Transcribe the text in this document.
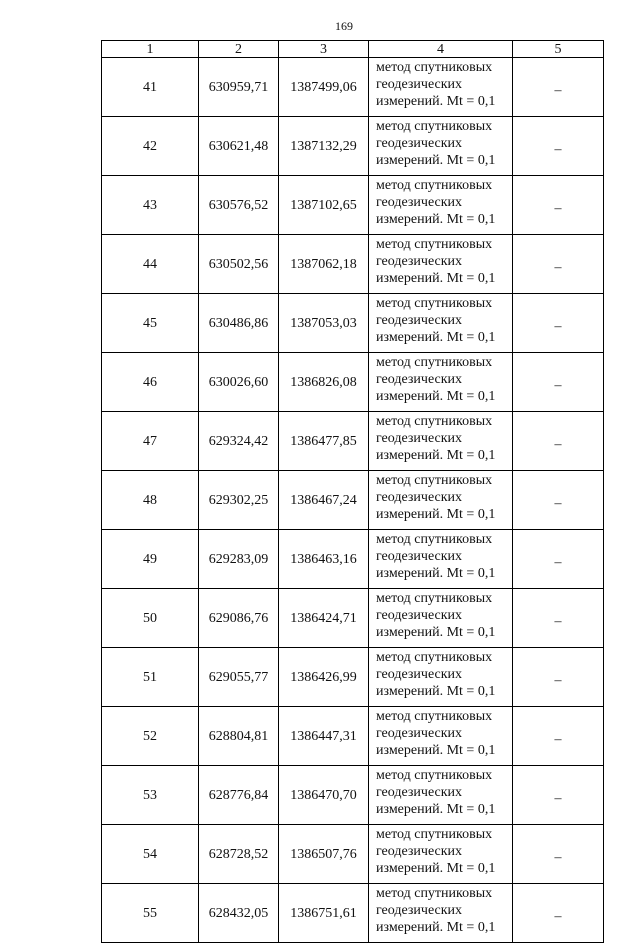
169
1	2	3	4	5
41	630959,71	1387499,06	метод спутниковых
геодезических
измерений. Mt = 0,1	–
42	630621,48	1387132,29	метод спутниковых
геодезических
измерений. Mt = 0,1	–
43	630576,52	1387102,65	метод спутниковых
геодезических
измерений. Mt = 0,1	–
44	630502,56	1387062,18	метод спутниковых
геодезических
измерений. Mt = 0,1	–
45	630486,86	1387053,03	метод спутниковых
геодезических
измерений. Mt = 0,1	–
46	630026,60	1386826,08	метод спутниковых
геодезических
измерений. Mt = 0,1	–
47	629324,42	1386477,85	метод спутниковых
геодезических
измерений. Mt = 0,1	–
48	629302,25	1386467,24	метод спутниковых
геодезических
измерений. Mt = 0,1	–
49	629283,09	1386463,16	метод спутниковых
геодезических
измерений. Mt = 0,1	–
50	629086,76	1386424,71	метод спутниковых
геодезических
измерений. Mt = 0,1	–
51	629055,77	1386426,99	метод спутниковых
геодезических
измерений. Mt = 0,1	–
52	628804,81	1386447,31	метод спутниковых
геодезических
измерений. Mt = 0,1	–
53	628776,84	1386470,70	метод спутниковых
геодезических
измерений. Mt = 0,1	–
54	628728,52	1386507,76	метод спутниковых
геодезических
измерений. Mt = 0,1	–
55	628432,05	1386751,61	метод спутниковых
геодезических
измерений. Mt = 0,1	–
